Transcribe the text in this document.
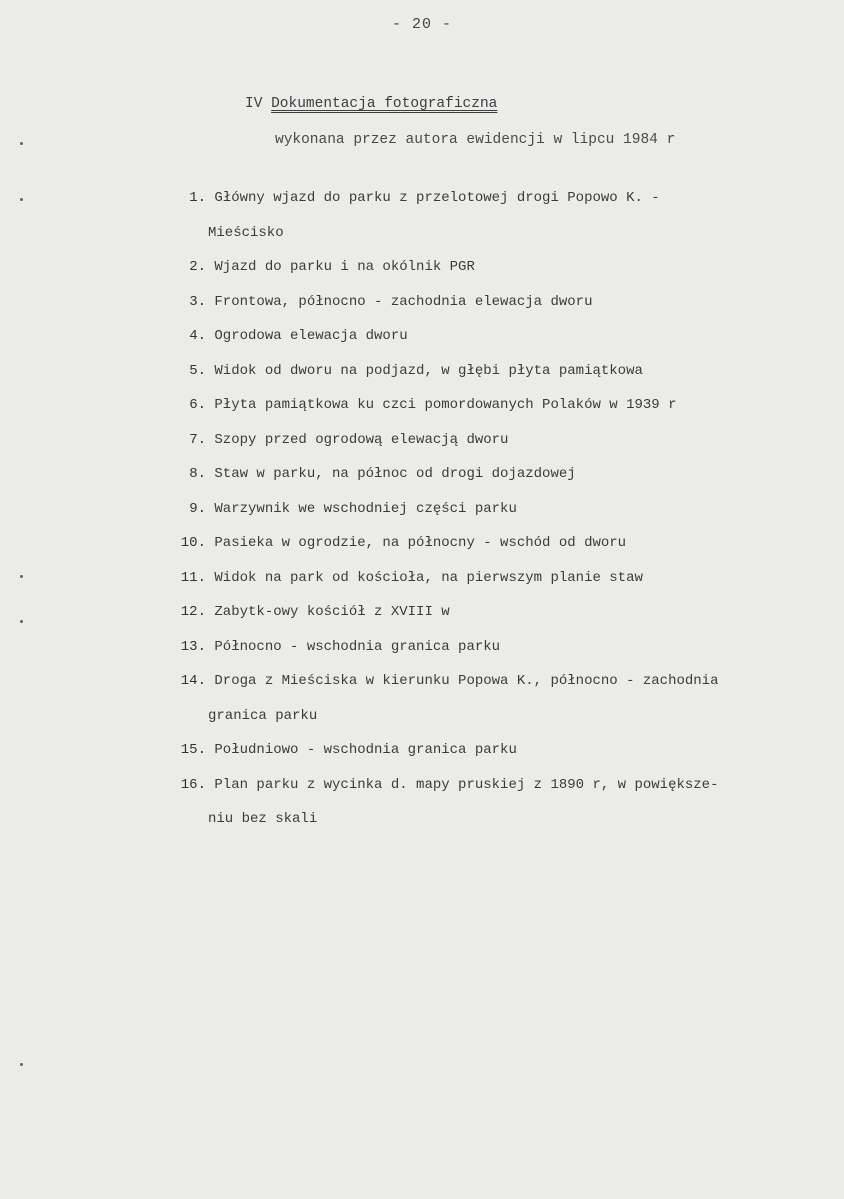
- 20 -
IV Dokumentacja fotograficzna
wykonana przez autora ewidencji w lipcu 1984 r
1. Główny wjazd do parku z przelotowej drogi Popowo K. -
Mieścisko
2. Wjazd do parku i na okólnik PGR
3. Frontowa, północno - zachodnia elewacja dworu
4. Ogrodowa elewacja dworu
5. Widok od dworu na podjazd, w głębi płyta pamiątkowa
6. Płyta pamiątkowa ku czci pomordowanych Polaków w 1939 r
7. Szopy przed ogrodową elewacją dworu
8. Staw w parku, na północ od drogi dojazdowej
9. Warzywnik we wschodniej części parku
10. Pasieka w ogrodzie, na północny - wschód od dworu
11. Widok na park od kościoła, na pierwszym planie staw
12. Zabytk-owy kościół z XVIII w
13. Północno - wschodnia granica parku
14. Droga z Mieściska w kierunku Popowa K., północno - zachodnia
granica parku
15. Południowo - wschodnia granica parku
16. Plan parku z wycinka d. mapy pruskiej z 1890 r, w powiększe-
niu bez skali
